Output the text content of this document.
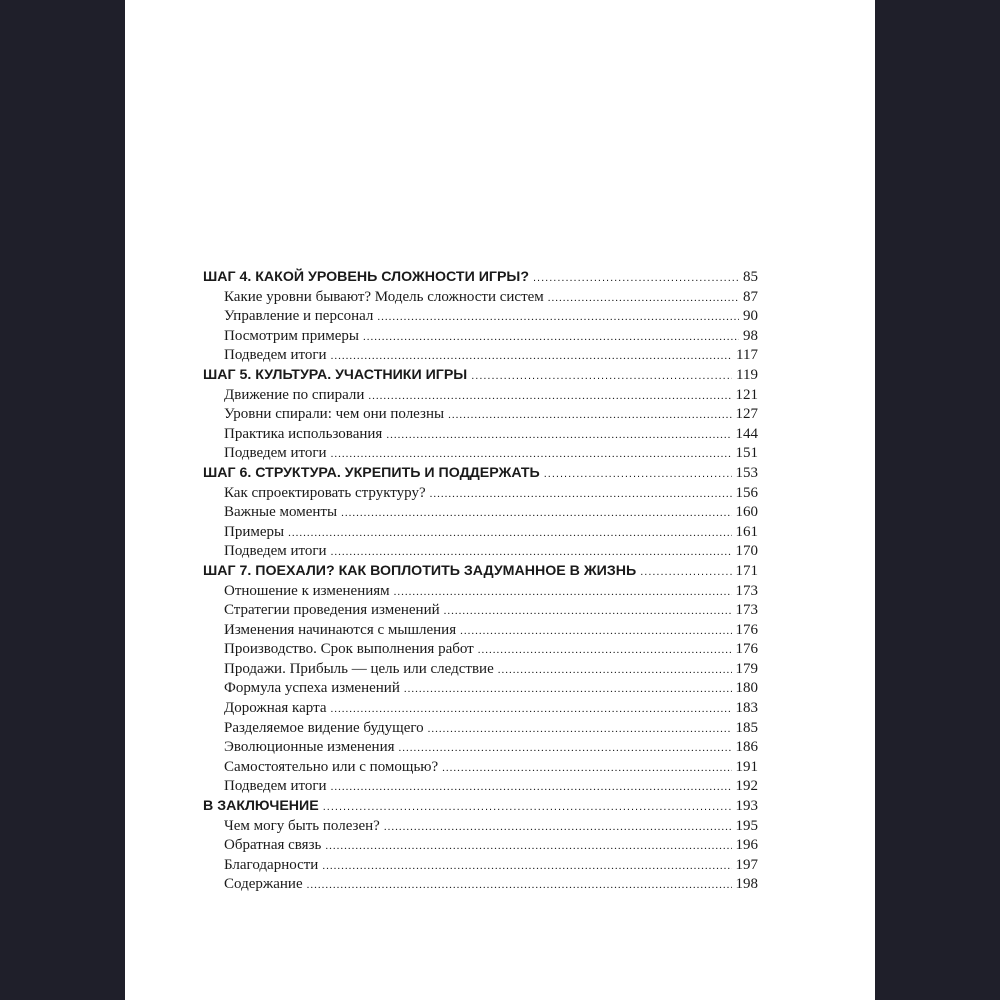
ШАГ 4. КАКОЙ УРОВЕНЬ СЛОЖНОСТИ ИГРЫ? .....	85
Какие уровни бывают? Модель сложности систем .....	87
Управление и персонал .....	90
Посмотрим примеры .....	98
Подведем итоги .....	117
ШАГ 5. КУЛЬТУРА. УЧАСТНИКИ ИГРЫ .....	119
Движение по спирали .....	121
Уровни спирали: чем они полезны .....	127
Практика использования .....	144
Подведем итоги .....	151
ШАГ 6. СТРУКТУРА. УКРЕПИТЬ И ПОДДЕРЖАТЬ .....	153
Как спроектировать структуру? .....	156
Важные моменты .....	160
Примеры .....	161
Подведем итоги .....	170
ШАГ 7. ПОЕХАЛИ? КАК ВОПЛОТИТЬ ЗАДУМАННОЕ В ЖИЗНЬ .....	171
Отношение к изменениям .....	173
Стратегии проведения изменений .....	173
Изменения начинаются с мышления .....	176
Производство. Срок выполнения работ .....	176
Продажи. Прибыль — цель или следствие .....	179
Формула успеха изменений .....	180
Дорожная карта .....	183
Разделяемое видение будущего .....	185
Эволюционные изменения .....	186
Самостоятельно или с помощью? .....	191
Подведем итоги .....	192
В ЗАКЛЮЧЕНИЕ .....	193
Чем могу быть полезен? .....	195
Обратная связь .....	196
Благодарности .....	197
Содержание .....	198
